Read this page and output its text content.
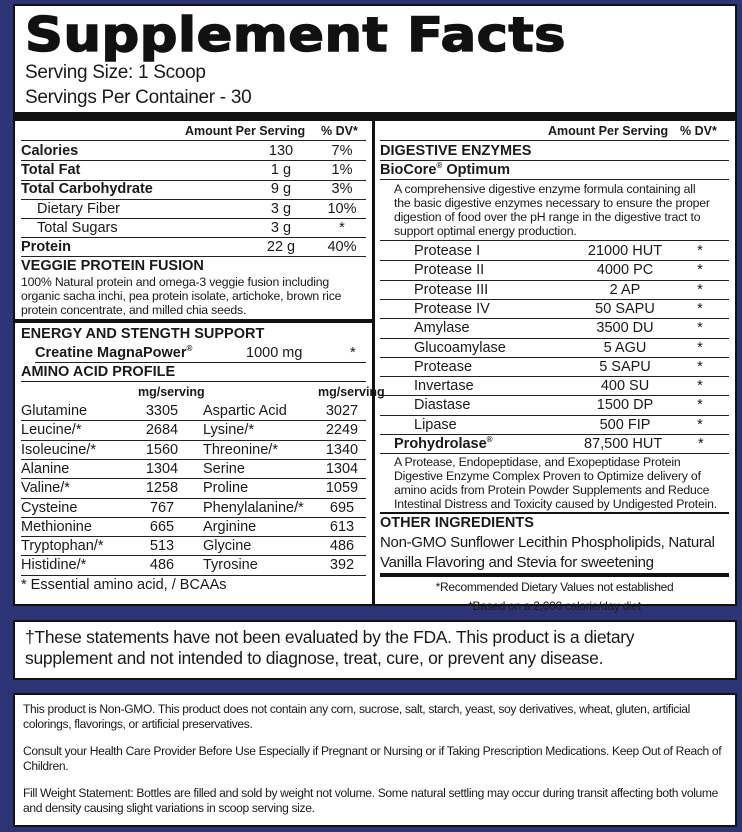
Supplement Facts
Serving Size: 1 Scoop
Servings Per Container - 30
Amount Per Serving % DV*
Calories	130	7%
Total Fat	1 g	1%
Total Carbohydrate	9 g	3%
Dietary Fiber	3 g	10%
Total Sugars	3 g	*
Protein	22 g	40%
VEGGIE PROTEIN FUSION
100% Natural protein and omega-3 veggie fusion including
organic sacha inchi, pea protein isolate, artichoke, brown rice
protein concentrate, and milled chia seeds.
ENERGY AND STENGTH SUPPORT
Creatine MagnaPower®	1000 mg	*
AMINO ACID PROFILE
mg/serving	mg/serving
Glutamine	3305	Aspartic Acid	3027
Leucine/*	2684	Lysine/*	2249
Isoleucine/*	1560	Threonine/*	1340
Alanine	1304	Serine	1304
Valine/*	1258	Proline	1059
Cysteine	767	Phenylalanine/*	695
Methionine	665	Arginine	613
Tryptophan/*	513	Glycine	486
Histidine/*	486	Tyrosine	392
* Essential amino acid, / BCAAs
Amount Per Serving % DV*
DIGESTIVE ENZYMES
BioCore® Optimum
A comprehensive digestive enzyme formula containing all
the basic digestive enzymes necessary to ensure the proper
digestion of food over the pH range in the digestive tract to
support optimal energy production.
Protease I	21000 HUT	*
Protease II	4000 PC	*
Protease III	2 AP	*
Protease IV	50 SAPU	*
Amylase	3500 DU	*
Glucoamylase	5 AGU	*
Protease	5 SAPU	*
Invertase	400 SU	*
Diastase	1500 DP	*
Lipase	500 FIP	*
Prohydrolase®	87,500 HUT *
A Protease, Endopeptidase, and Exopeptidase Protein
Digestive Enzyme Complex Proven to Optimize delivery of
amino acids from Protein Powder Supplements and Reduce
Intestinal Distress and Toxicity caused by Undigested Protein.
OTHER INGREDIENTS
Non-GMO Sunflower Lecithin Phospholipids, Natural
Vanilla Flavoring and Stevia for sweetening
*Recommended Dietary Values not established
*Based on a 2,000 calorie/day diet

†These statements have not been evaluated by the FDA. This product is a dietary
supplement and not intended to diagnose, treat, cure, or prevent any disease.

This product is Non-GMO. This product does not contain any corn, sucrose, salt, starch, yeast, soy derivatives, wheat, gluten, artificial colorings, flavorings, or artificial preservatives.

Consult your Health Care Provider Before Use Especially if Pregnant or Nursing or if Taking Prescription Medications. Keep Out of Reach of Children.

Fill Weight Statement: Bottles are filled and sold by weight not volume. Some natural settling may occur during transit affecting both volume and density causing slight variations in scoop serving size.
